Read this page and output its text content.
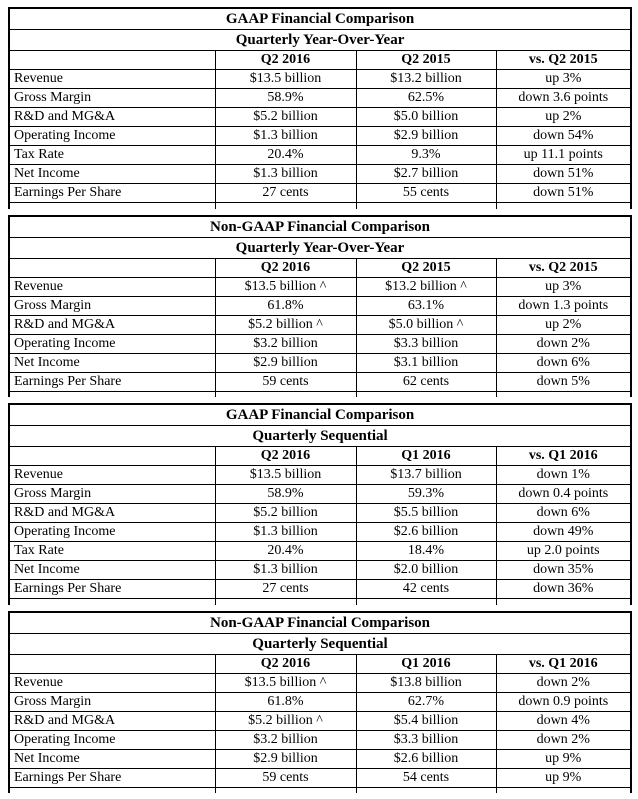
GAAP Financial Comparison			
Quarterly Year-Over-Year			
	Q2 2016	Q2 2015	vs. Q2 2015
Revenue	$13.5 billion	$13.2 billion	up 3%
Gross Margin	58.9%	62.5%	down 3.6 points
R&D and MG&A	$5.2 billion	$5.0 billion	up 2%
Operating Income	$1.3 billion	$2.9 billion	down 54%
Tax Rate	20.4%	9.3%	up 11.1 points
Net Income	$1.3 billion	$2.7 billion	down 51%
Earnings Per Share	27 cents	55 cents	down 51%

Non-GAAP Financial Comparison			
Quarterly Year-Over-Year			
	Q2 2016	Q2 2015	vs. Q2 2015
Revenue	$13.5 billion ^	$13.2 billion ^	up 3%
Gross Margin	61.8%	63.1%	down 1.3 points
R&D and MG&A	$5.2 billion ^	$5.0 billion ^	up 2%
Operating Income	$3.2 billion	$3.3 billion	down 2%
Net Income	$2.9 billion	$3.1 billion	down 6%
Earnings Per Share	59 cents	62 cents	down 5%

GAAP Financial Comparison			
Quarterly Sequential			
	Q2 2016	Q1 2016	vs. Q1 2016
Revenue	$13.5 billion	$13.7 billion	down 1%
Gross Margin	58.9%	59.3%	down 0.4 points
R&D and MG&A	$5.2 billion	$5.5 billion	down 6%
Operating Income	$1.3 billion	$2.6 billion	down 49%
Tax Rate	20.4%	18.4%	up 2.0 points
Net Income	$1.3 billion	$2.0 billion	down 35%
Earnings Per Share	27 cents	42 cents	down 36%

Non-GAAP Financial Comparison			
Quarterly Sequential			
	Q2 2016	Q1 2016	vs. Q1 2016
Revenue	$13.5 billion ^	$13.8 billion	down 2%
Gross Margin	61.8%	62.7%	down 0.9 points
R&D and MG&A	$5.2 billion ^	$5.4 billion	down 4%
Operating Income	$3.2 billion	$3.3 billion	down 2%
Net Income	$2.9 billion	$2.6 billion	up 9%
Earnings Per Share	59 cents	54 cents	up 9%
